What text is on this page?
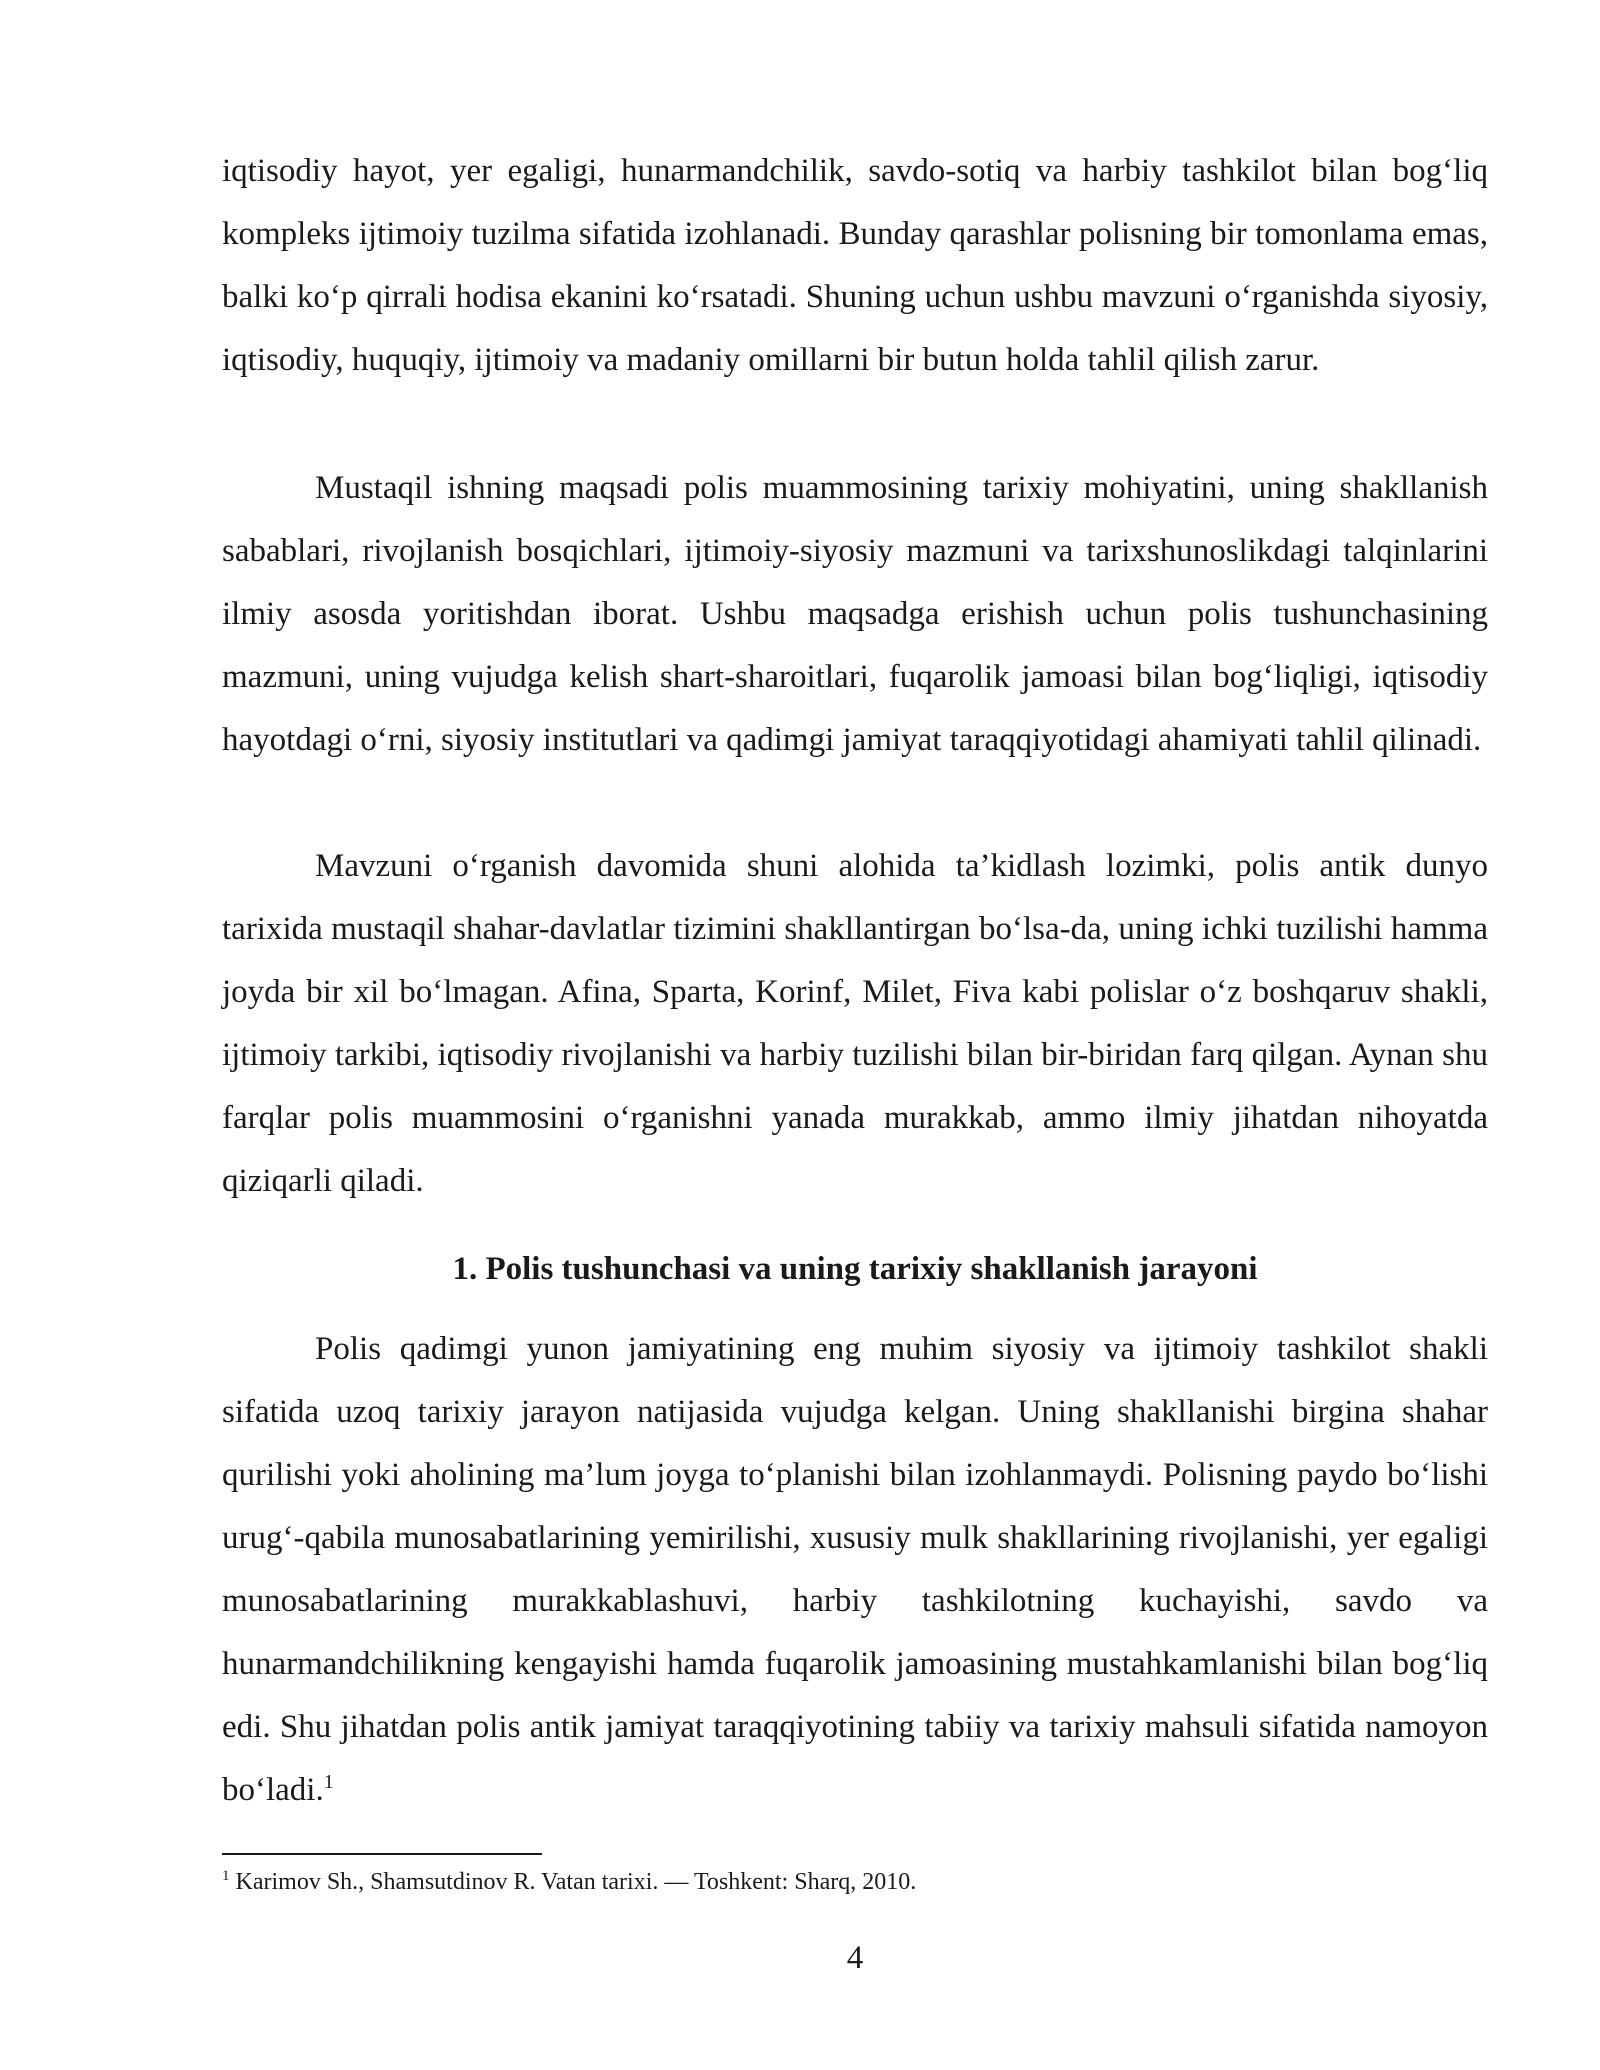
iqtisodiy hayot, yer egaligi, hunarmandchilik, savdo-sotiq va harbiy tashkilot bilan bog‘liq kompleks ijtimoiy tuzilma sifatida izohlanadi. Bunday qarashlar polisning bir tomonlama emas, balki ko‘p qirrali hodisa ekanini ko‘rsatadi. Shuning uchun ushbu mavzuni o‘rganishda siyosiy, iqtisodiy, huquqiy, ijtimoiy va madaniy omillarni bir butun holda tahlil qilish zarur.

Mustaqil ishning maqsadi polis muammosining tarixiy mohiyatini, uning shakllanish sabablari, rivojlanish bosqichlari, ijtimoiy-siyosiy mazmuni va tarixshunoslikdagi talqinlarini ilmiy asosda yoritishdan iborat. Ushbu maqsadga erishish uchun polis tushunchasining mazmuni, uning vujudga kelish shart-sharoitlari, fuqarolik jamoasi bilan bog‘liqligi, iqtisodiy hayotdagi o‘rni, siyosiy institutlari va qadimgi jamiyat taraqqiyotidagi ahamiyati tahlil qilinadi.

Mavzuni o‘rganish davomida shuni alohida ta’kidlash lozimki, polis antik dunyo tarixida mustaqil shahar-davlatlar tizimini shakllantirgan bo‘lsa-da, uning ichki tuzilishi hamma joyda bir xil bo‘lmagan. Afina, Sparta, Korinf, Milet, Fiva kabi polislar o‘z boshqaruv shakli, ijtimoiy tarkibi, iqtisodiy rivojlanishi va harbiy tuzilishi bilan bir-biridan farq qilgan. Aynan shu farqlar polis muammosini o‘rganishni yanada murakkab, ammo ilmiy jihatdan nihoyatda qiziqarli qiladi.

1. Polis tushunchasi va uning tarixiy shakllanish jarayoni

Polis qadimgi yunon jamiyatining eng muhim siyosiy va ijtimoiy tashkilot shakli sifatida uzoq tarixiy jarayon natijasida vujudga kelgan. Uning shakllanishi birgina shahar qurilishi yoki aholining ma’lum joyga to‘planishi bilan izohlanmaydi. Polisning paydo bo‘lishi urug‘-qabila munosabatlarining yemirilishi, xususiy mulk shakllarining rivojlanishi, yer egaligi munosabatlarining murakkablashuvi, harbiy tashkilotning kuchayishi, savdo va hunarmandchilikning kengayishi hamda fuqarolik jamoasining mustahkamlanishi bilan bog‘liq edi. Shu jihatdan polis antik jamiyat taraqqiyotining tabiiy va tarixiy mahsuli sifatida namoyon bo‘ladi.$^1$

$^1$ Karimov Sh., Shamsutdinov R. Vatan tarixi. — Toshkent: Sharq, 2010.

4
